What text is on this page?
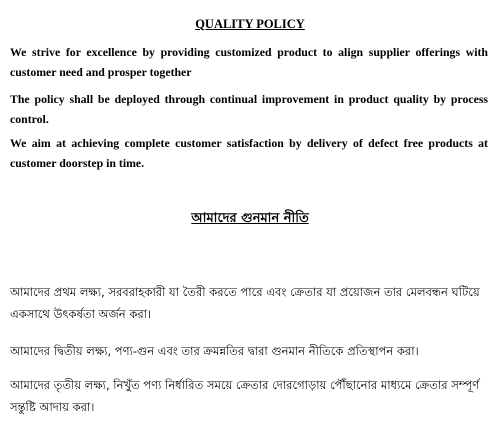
QUALITY POLICY

We strive for excellence by providing customized product to align supplier offerings with customer need and prosper together

The policy shall be deployed through continual improvement in product quality by process control.

We aim at achieving complete customer satisfaction by delivery of defect free products at customer doorstep in time.

আমাদের গুনমান নীতি

আমাদের প্রথম লক্ষ্য, সরবরাহকারী যা তৈরী করতে পারে এবং ক্রেতার যা প্রয়োজন তার মেলবন্ধন ঘটিয়ে একসাথে উৎকর্ষতা অর্জন করা।

আমাদের দ্বিতীয় লক্ষ্য, পণ্য-গুন এবং তার ক্রমন্নতির দ্বারা গুনমান নীতিকে প্রতিস্থাপন করা।

আমাদের তৃতীয় লক্ষ্য, নিখুঁত পণ্য নির্ধারিত সময়ে ক্রেতার দোরগোড়ায় পৌঁছানোর মাধ্যমে ক্রেতার সম্পূর্ণ সন্তুষ্টি আদায় করা।
